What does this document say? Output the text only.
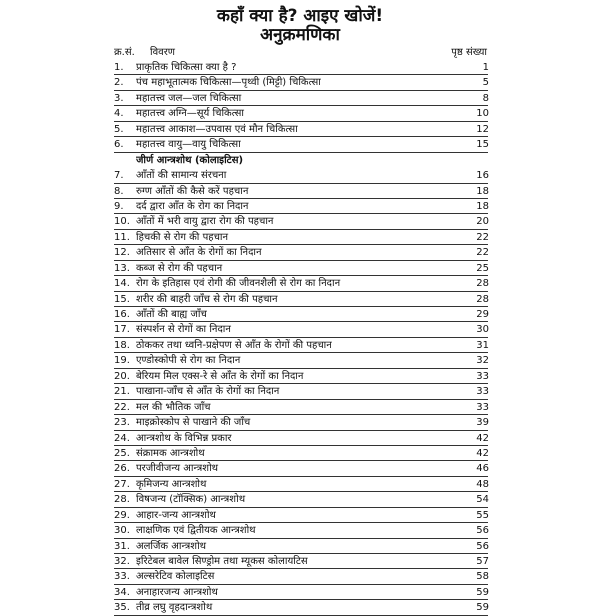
कहाँ क्या है? आइए खोजें!
अनुक्रमणिका
क्र.सं. विवरण	पृष्ठ संख्या
1.	प्राकृतिक चिकित्सा क्या है ?	1
2.	पंच महाभूतात्मक चिकित्सा—पृथ्वी (मिट्टी) चिकित्सा	5
3.	महातत्त्व जल—जल चिकित्सा	8
4.	महातत्त्व अग्नि—सूर्य चिकित्सा	10
5.	महातत्त्व आकाश—उपवास एवं मौन चिकित्सा	12
6.	महातत्त्व वायु—वायु चिकित्सा	15
जीर्ण आन्त्रशोथ (कोलाइटिस)
7.	आँतों की सामान्य संरचना	16
8.	रुग्ण आँतों की कैसे करें पहचान	18
9.	दर्द द्वारा आँत के रोग का निदान	18
10. आँतों में भरी वायु द्वारा रोग की पहचान	20
11. हिचकी से रोग की पहचान	22
12. अतिसार से आँत के रोगों का निदान	22
13. कब्ज से रोग की पहचान	25
14. रोग के इतिहास एवं रोगी की जीवनशैली से रोग का निदान	28
15. शरीर की बाहरी जाँच से रोग की पहचान	28
16. आँतों की बाह्य जाँच	29
17. संस्पर्शन से रोगों का निदान	30
18. ठोककर तथा ध्वनि-प्रक्षेपण से आँत के रोगों की पहचान	31
19. एण्डोस्कोपी से रोग का निदान	32
20. बेरियम मिल एक्स-रे से आँत के रोगों का निदान	33
21. पाखाना-जाँच से आँत के रोगों का निदान	33
22. मल की भौतिक जाँच	33
23. माइक्रोस्कोप से पाखाने की जाँच	39
24. आन्त्रशोथ के विभिन्न प्रकार	42
25. संक्रामक आन्त्रशोथ	42
26. परजीवीजन्य आन्त्रशोथ	46
27. कृमिजन्य आन्त्रशोथ	48
28. विषजन्य (टॉक्सिक) आन्त्रशोथ	54
29. आहार-जन्य आन्त्रशोथ	55
30. लाक्षणिक एवं द्वितीयक आन्त्रशोथ	56
31. अलर्जिक आन्त्रशोथ	56
32. इरिटेबल बावेल सिण्ड्रोम तथा म्यूकस कोलायटिस	57
33. अल्सरेटिव कोलाइटिस	58
34. अनाहारजन्य आन्त्रशोथ	59
35. तीव्र लघु वृहदान्त्रशोथ	59
